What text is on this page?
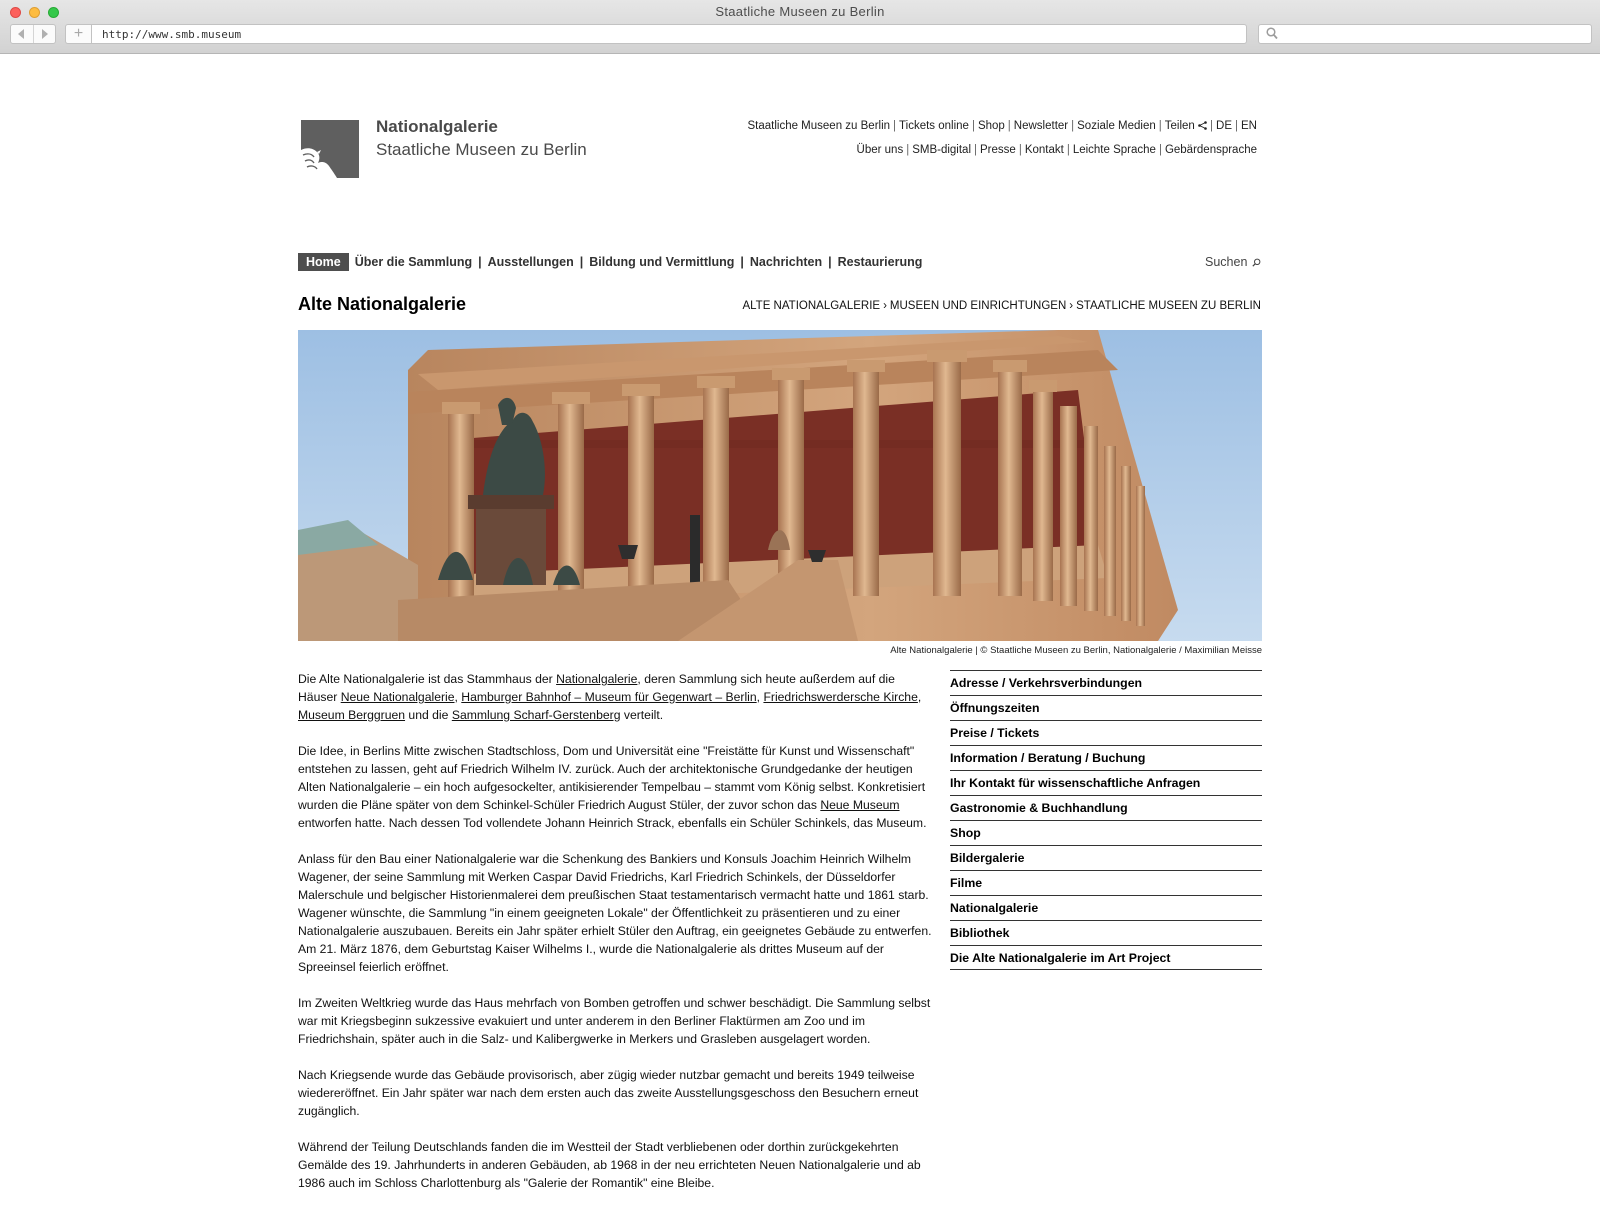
Staatliche Museen zu Berlin
+	http://www.smb.museum
Nationalgalerie
Staatliche Museen zu Berlin
Staatliche Museen zu Berlin | Tickets online | Shop | Newsletter | Soziale Medien | Teilen | DE | EN
Über uns | SMB-digital | Presse | Kontakt | Leichte Sprache | Gebärdensprache
Home	Über die Sammlung | Ausstellungen | Bildung und Vermittlung | Nachrichten | Restaurierung	Suchen
Alte Nationalgalerie	ALTE NATIONALGALERIE › MUSEEN UND EINRICHTUNGEN › STAATLICHE MUSEEN ZU BERLIN
Alte Nationalgalerie | © Staatliche Museen zu Berlin, Nationalgalerie / Maximilian Meisse

Die Alte Nationalgalerie ist das Stammhaus der Nationalgalerie, deren Sammlung sich heute außerdem auf die Häuser Neue Nationalgalerie, Hamburger Bahnhof – Museum für Gegenwart – Berlin, Friedrichswerdersche Kirche, Museum Berggruen und die Sammlung Scharf-Gerstenberg verteilt.

Die Idee, in Berlins Mitte zwischen Stadtschloss, Dom und Universität eine "Freistätte für Kunst und Wissenschaft" entstehen zu lassen, geht auf Friedrich Wilhelm IV. zurück. Auch der architektonische Grundgedanke der heutigen Alten Nationalgalerie – ein hoch aufgesockelter, antikisierender Tempelbau – stammt vom König selbst. Konkretisiert wurden die Pläne später von dem Schinkel-Schüler Friedrich August Stüler, der zuvor schon das Neue Museum entworfen hatte. Nach dessen Tod vollendete Johann Heinrich Strack, ebenfalls ein Schüler Schinkels, das Museum.

Anlass für den Bau einer Nationalgalerie war die Schenkung des Bankiers und Konsuls Joachim Heinrich Wilhelm Wagener, der seine Sammlung mit Werken Caspar David Friedrichs, Karl Friedrich Schinkels, der Düsseldorfer Malerschule und belgischer Historienmalerei dem preußischen Staat testamentarisch vermacht hatte und 1861 starb. Wagener wünschte, die Sammlung "in einem geeigneten Lokale" der Öffentlichkeit zu präsentieren und zu einer Nationalgalerie auszubauen. Bereits ein Jahr später erhielt Stüler den Auftrag, ein geeignetes Gebäude zu entwerfen. Am 21. März 1876, dem Geburtstag Kaiser Wilhelms I., wurde die Nationalgalerie als drittes Museum auf der Spreeinsel feierlich eröffnet.

Im Zweiten Weltkrieg wurde das Haus mehrfach von Bomben getroffen und schwer beschädigt. Die Sammlung selbst war mit Kriegsbeginn sukzessive evakuiert und unter anderem in den Berliner Flaktürmen am Zoo und im Friedrichshain, später auch in die Salz- und Kalibergwerke in Merkers und Grasleben ausgelagert worden.

Nach Kriegsende wurde das Gebäude provisorisch, aber zügig wieder nutzbar gemacht und bereits 1949 teilweise wiedereröffnet. Ein Jahr später war nach dem ersten auch das zweite Ausstellungsgeschoss den Besuchern erneut zugänglich.

Während der Teilung Deutschlands fanden die im Westteil der Stadt verbliebenen oder dorthin zurückgekehrten Gemälde des 19. Jahrhunderts in anderen Gebäuden, ab 1968 in der neu errichteten Neuen Nationalgalerie und ab 1986 auch im Schloss Charlottenburg als "Galerie der Romantik" eine Bleibe.

Adresse / Verkehrsverbindungen
Öffnungszeiten
Preise / Tickets
Information / Beratung / Buchung
Ihr Kontakt für wissenschaftliche Anfragen
Gastronomie & Buchhandlung
Shop
Bildergalerie
Filme
Nationalgalerie
Bibliothek
Die Alte Nationalgalerie im Art Project
